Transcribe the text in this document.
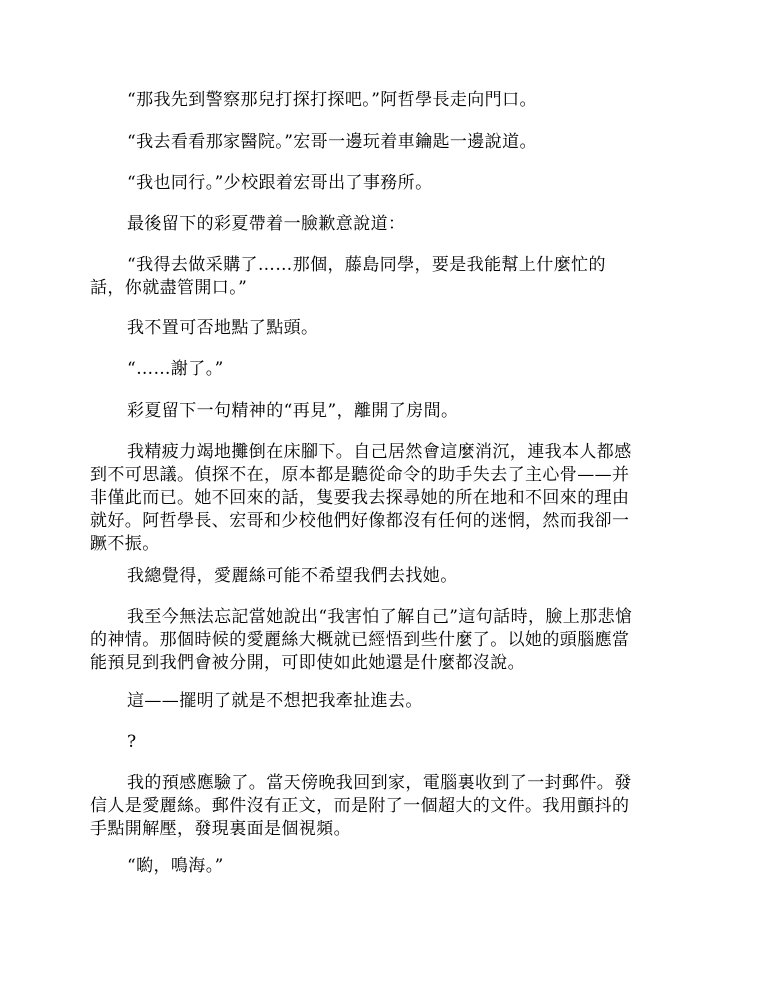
“那我先到警察那兒打探打探吧。”阿哲學長走向門口。

“我去看看那家醫院。”宏哥一邊玩着車鑰匙一邊說道。

“我也同行。”少校跟着宏哥出了事務所。

最後留下的彩夏帶着一臉歉意說道：

“我得去做采購了……那個，藤島同學，要是我能幫上什麼忙的
話，你就盡管開口。”

我不置可否地點了點頭。

“……謝了。”

彩夏留下一句精神的“再見”，離開了房間。

我精疲力竭地攤倒在床腳下。自己居然會這麼消沉，連我本人都感
到不可思議。偵探不在，原本都是聽從命令的助手失去了主心骨——并
非僅此而已。她不回來的話，隻要我去探尋她的所在地和不回來的理由
就好。阿哲學長、宏哥和少校他們好像都沒有任何的迷惘，然而我卻一
蹶不振。

我總覺得，愛麗絲可能不希望我們去找她。

我至今無法忘記當她說出“我害怕了解自己”這句話時，臉上那悲愴
的神情。那個時候的愛麗絲大概就已經悟到些什麼了。以她的頭腦應當
能預見到我們會被分開，可即使如此她還是什麼都沒說。

這——擺明了就是不想把我牽扯進去。

?

我的預感應驗了。當天傍晚我回到家，電腦裏收到了一封郵件。發
信人是愛麗絲。郵件沒有正文，而是附了一個超大的文件。我用顫抖的
手點開解壓，發現裏面是個視頻。

“喲，鳴海。”
